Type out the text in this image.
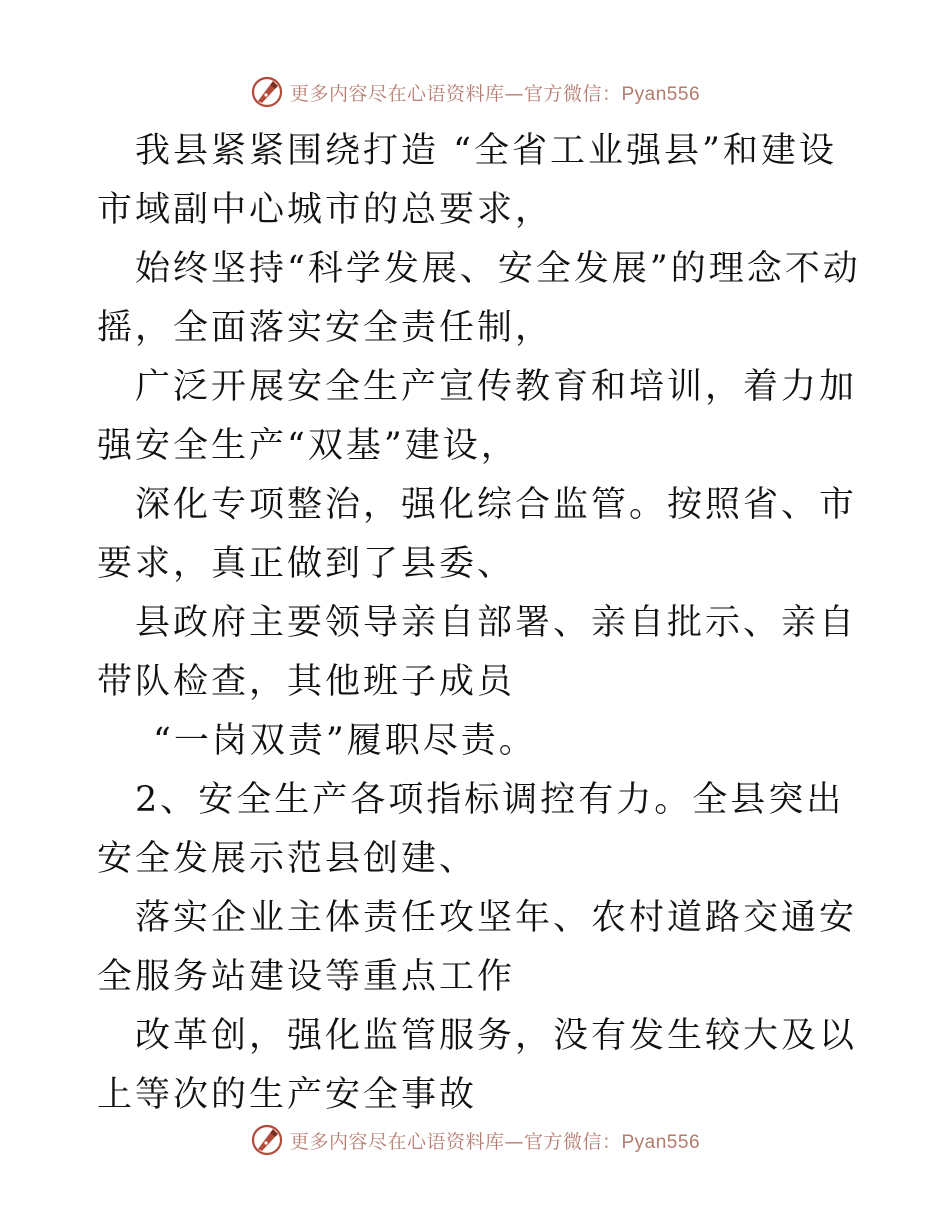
更多内容尽在心语资料库—官方微信：Pyan556

我县紧紧围绕打造 “全省工业强县”和建设市域副中心城市的总要求，

始终坚持“科学发展、安全发展”的理念不动摇，全面落实安全责任制，

广泛开展安全生产宣传教育和培训，着力加强安全生产“双基”建设，

深化专项整治，强化综合监管。按照省、市要求，真正做到了县委、

县政府主要领导亲自部署、亲自批示、亲自带队检查，其他班子成员

“一岗双责”履职尽责。

2、安全生产各项指标调控有力。全县突出安全发展示范县创建、

落实企业主体责任攻坚年、农村道路交通安全服务站建设等重点工作

改革创，强化监管服务，没有发生较大及以上等次的生产安全事故

更多内容尽在心语资料库—官方微信：Pyan556
